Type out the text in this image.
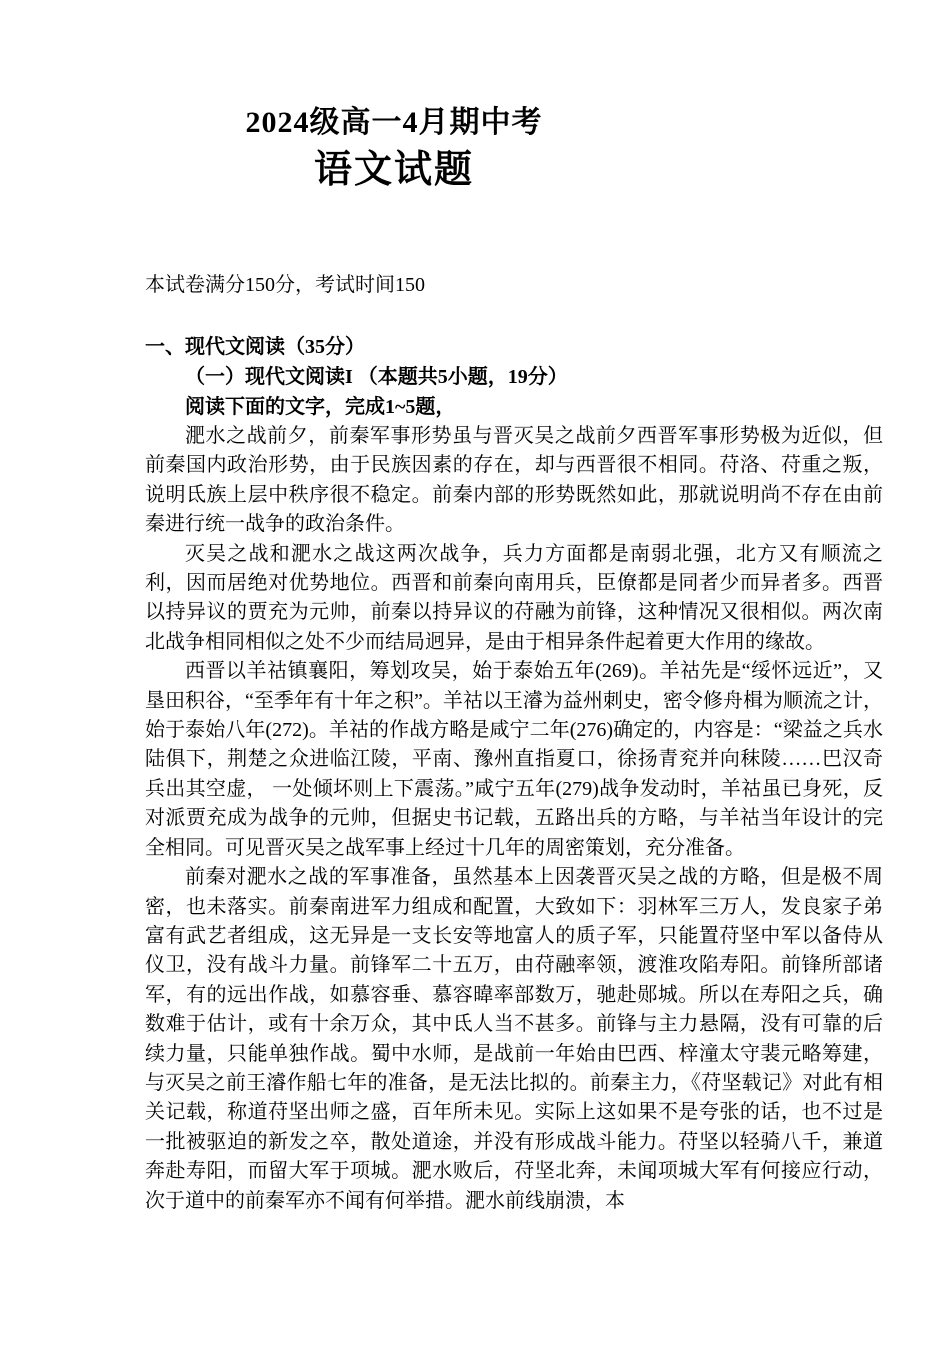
2024级高一4月期中考
语文试题

本试卷满分150分，考试时间150

一、现代文阅读（35分）

（一）现代文阅读I （本题共5小题，19分）

阅读下面的文字，完成1~5题，

淝水之战前夕，前秦军事形势虽与晋灭吴之战前夕西晋军事形势极为近似，但前秦国内政治形势，由于民族因素的存在，却与西晋很不相同。苻洛、苻重之叛，说明氐族上层中秩序很不稳定。前秦内部的形势既然如此，那就说明尚不存在由前秦进行统一战争的政治条件。

灭吴之战和淝水之战这两次战争，兵力方面都是南弱北强，北方又有顺流之利，因而居绝对优势地位。西晋和前秦向南用兵，臣僚都是同者少而异者多。西晋以持异议的贾充为元帅，前秦以持异议的苻融为前锋，这种情况又很相似。两次南北战争相同相似之处不少而结局迥异，是由于相异条件起着更大作用的缘故。

西晋以羊祜镇襄阳，筹划攻吴，始于泰始五年(269)。羊祜先是“绥怀远近”，又垦田积谷，“至季年有十年之积”。羊祜以王濬为益州刺史，密令修舟楫为顺流之计，始于泰始八年(272)。羊祜的作战方略是咸宁二年(276)确定的，内容是：“梁益之兵水陆俱下，荆楚之众进临江陵，平南、豫州直指夏口，徐扬青兖并向秣陵……巴汉奇兵出其空虚， 一处倾坏则上下震荡。”咸宁五年(279)战争发动时，羊祜虽已身死，反对派贾充成为战争的元帅，但据史书记载，五路出兵的方略，与羊祜当年设计的完全相同。可见晋灭吴之战军事上经过十几年的周密策划，充分准备。

前秦对淝水之战的军事准备，虽然基本上因袭晋灭吴之战的方略，但是极不周密，也未落实。前秦南进军力组成和配置，大致如下：羽林军三万人，发良家子弟富有武艺者组成，这无异是一支长安等地富人的质子军，只能置苻坚中军以备侍从仪卫，没有战斗力量。前锋军二十五万，由苻融率领，渡淮攻陷寿阳。前锋所部诸军，有的远出作战，如慕容垂、慕容暐率部数万，驰赴郧城。所以在寿阳之兵，确数难于估计，或有十余万众，其中氐人当不甚多。前锋与主力悬隔，没有可靠的后续力量，只能单独作战。蜀中水师，是战前一年始由巴西、梓潼太守裴元略筹建，与灭吴之前王濬作船七年的准备，是无法比拟的。前秦主力，《苻坚载记》对此有相关记载，称道苻坚出师之盛，百年所未见。实际上这如果不是夸张的话，也不过是一批被驱迫的新发之卒，散处道途，并没有形成战斗能力。苻坚以轻骑八千，兼道奔赴寿阳，而留大军于项城。淝水败后，苻坚北奔，未闻项城大军有何接应行动，次于道中的前秦军亦不闻有何举措。淝水前线崩溃，本
